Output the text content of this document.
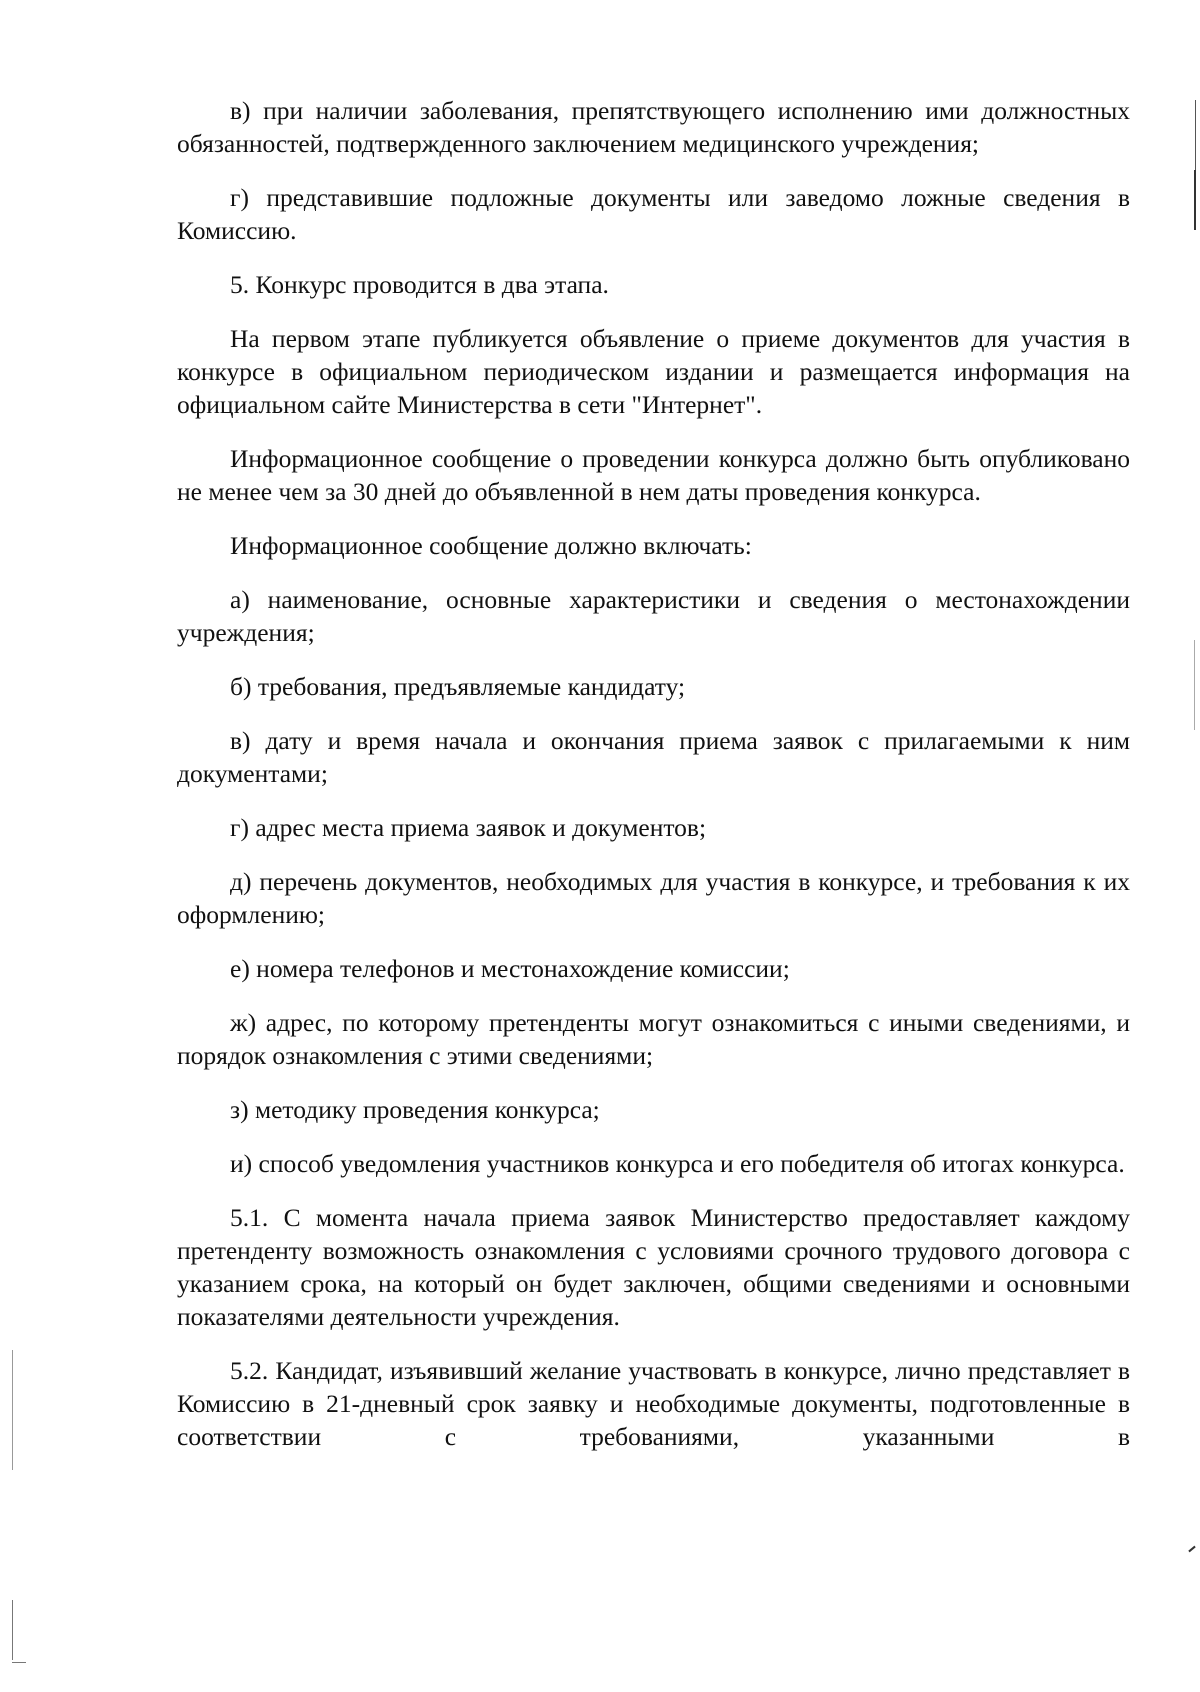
в) при наличии заболевания, препятствующего исполнению ими должностных обязанностей, подтвержденного заключением медицинского учреждения;

г) представившие подложные документы или заведомо ложные сведения в Комиссию.

5. Конкурс проводится в два этапа.

На первом этапе публикуется объявление о приеме документов для участия в конкурсе в официальном периодическом издании и размещается информация на официальном сайте Министерства в сети "Интернет".

Информационное сообщение о проведении конкурса должно быть опубликовано не менее чем за 30 дней до объявленной в нем даты проведения конкурса.

Информационное сообщение должно включать:

а) наименование, основные характеристики и сведения о местонахождении учреждения;

б) требования, предъявляемые кандидату;

в) дату и время начала и окончания приема заявок с прилагаемыми к ним документами;

г) адрес места приема заявок и документов;

д) перечень документов, необходимых для участия в конкурсе, и требования к их оформлению;

е) номера телефонов и местонахождение комиссии;

ж) адрес, по которому претенденты могут ознакомиться с иными сведениями, и порядок ознакомления с этими сведениями;

з) методику проведения конкурса;

и) способ уведомления участников конкурса и его победителя об итогах конкурса.

5.1. С момента начала приема заявок Министерство предоставляет каждому претенденту возможность ознакомления с условиями срочного трудового договора с указанием срока, на который он будет заключен, общими сведениями и основными показателями деятельности учреждения.

5.2. Кандидат, изъявивший желание участвовать в конкурсе, лично представляет в Комиссию в 21-дневный срок заявку и необходимые документы, подготовленные в соответствии с требованиями, указанными в
